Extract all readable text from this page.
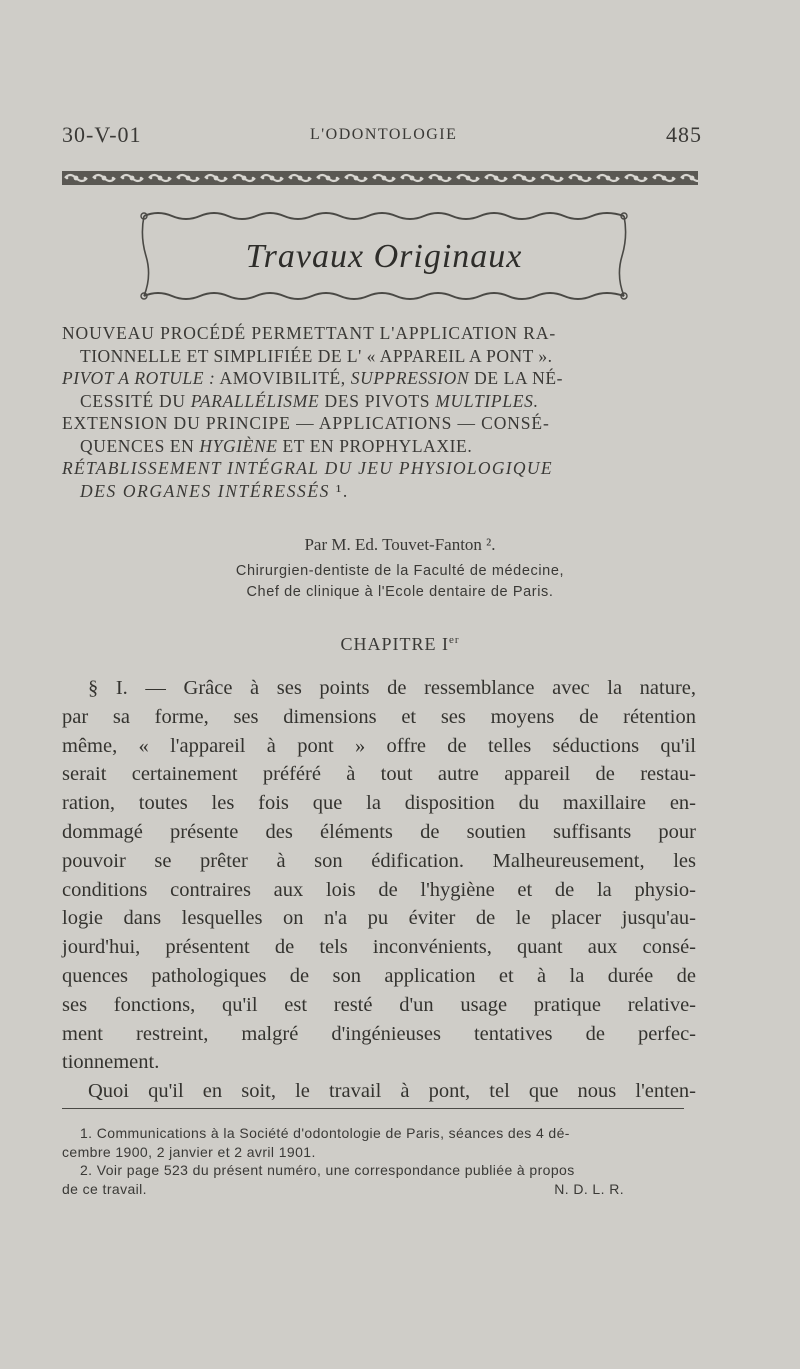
30-V-01	L'ODONTOLOGIE	485
Travaux Originaux
NOUVEAU PROCÉDÉ PERMETTANT L'APPLICATION RA-
TIONNELLE ET SIMPLIFIÉE DE L' « APPAREIL A PONT ».
PIVOT A ROTULE : AMOVIBILITÉ, SUPPRESSION DE LA NÉ-
CESSITÉ DU PARALLÉLISME DES PIVOTS MULTIPLES.
EXTENSION DU PRINCIPE — APPLICATIONS — CONSÉ-
QUENCES EN HYGIÈNE ET EN PROPHYLAXIE.
RÉTABLISSEMENT INTÉGRAL DU JEU PHYSIOLOGIQUE
DES ORGANES INTÉRESSÉS ¹.
Par M. Ed. Touvet-Fanton ².
Chirurgien-dentiste de la Faculté de médecine,
Chef de clinique à l'Ecole dentaire de Paris.
CHAPITRE Ier
§ I. — Grâce à ses points de ressemblance avec la nature,
par sa forme, ses dimensions et ses moyens de rétention
même, « l'appareil à pont » offre de telles séductions qu'il
serait certainement préféré à tout autre appareil de restau-
ration, toutes les fois que la disposition du maxillaire en-
dommagé présente des éléments de soutien suffisants pour
pouvoir se prêter à son édification. Malheureusement, les
conditions contraires aux lois de l'hygiène et de la physio-
logie dans lesquelles on n'a pu éviter de le placer jusqu'au-
jourd'hui, présentent de tels inconvénients, quant aux consé-
quences pathologiques de son application et à la durée de
ses fonctions, qu'il est resté d'un usage pratique relative-
ment restreint, malgré d'ingénieuses tentatives de perfec-
tionnement.
Quoi qu'il en soit, le travail à pont, tel que nous l'enten-
1. Communications à la Société d'odontologie de Paris, séances des 4 dé-
cembre 1900, 2 janvier et 2 avril 1901.
2. Voir page 523 du présent numéro, une correspondance publiée à propos
de ce travail.	N. D. L. R.
